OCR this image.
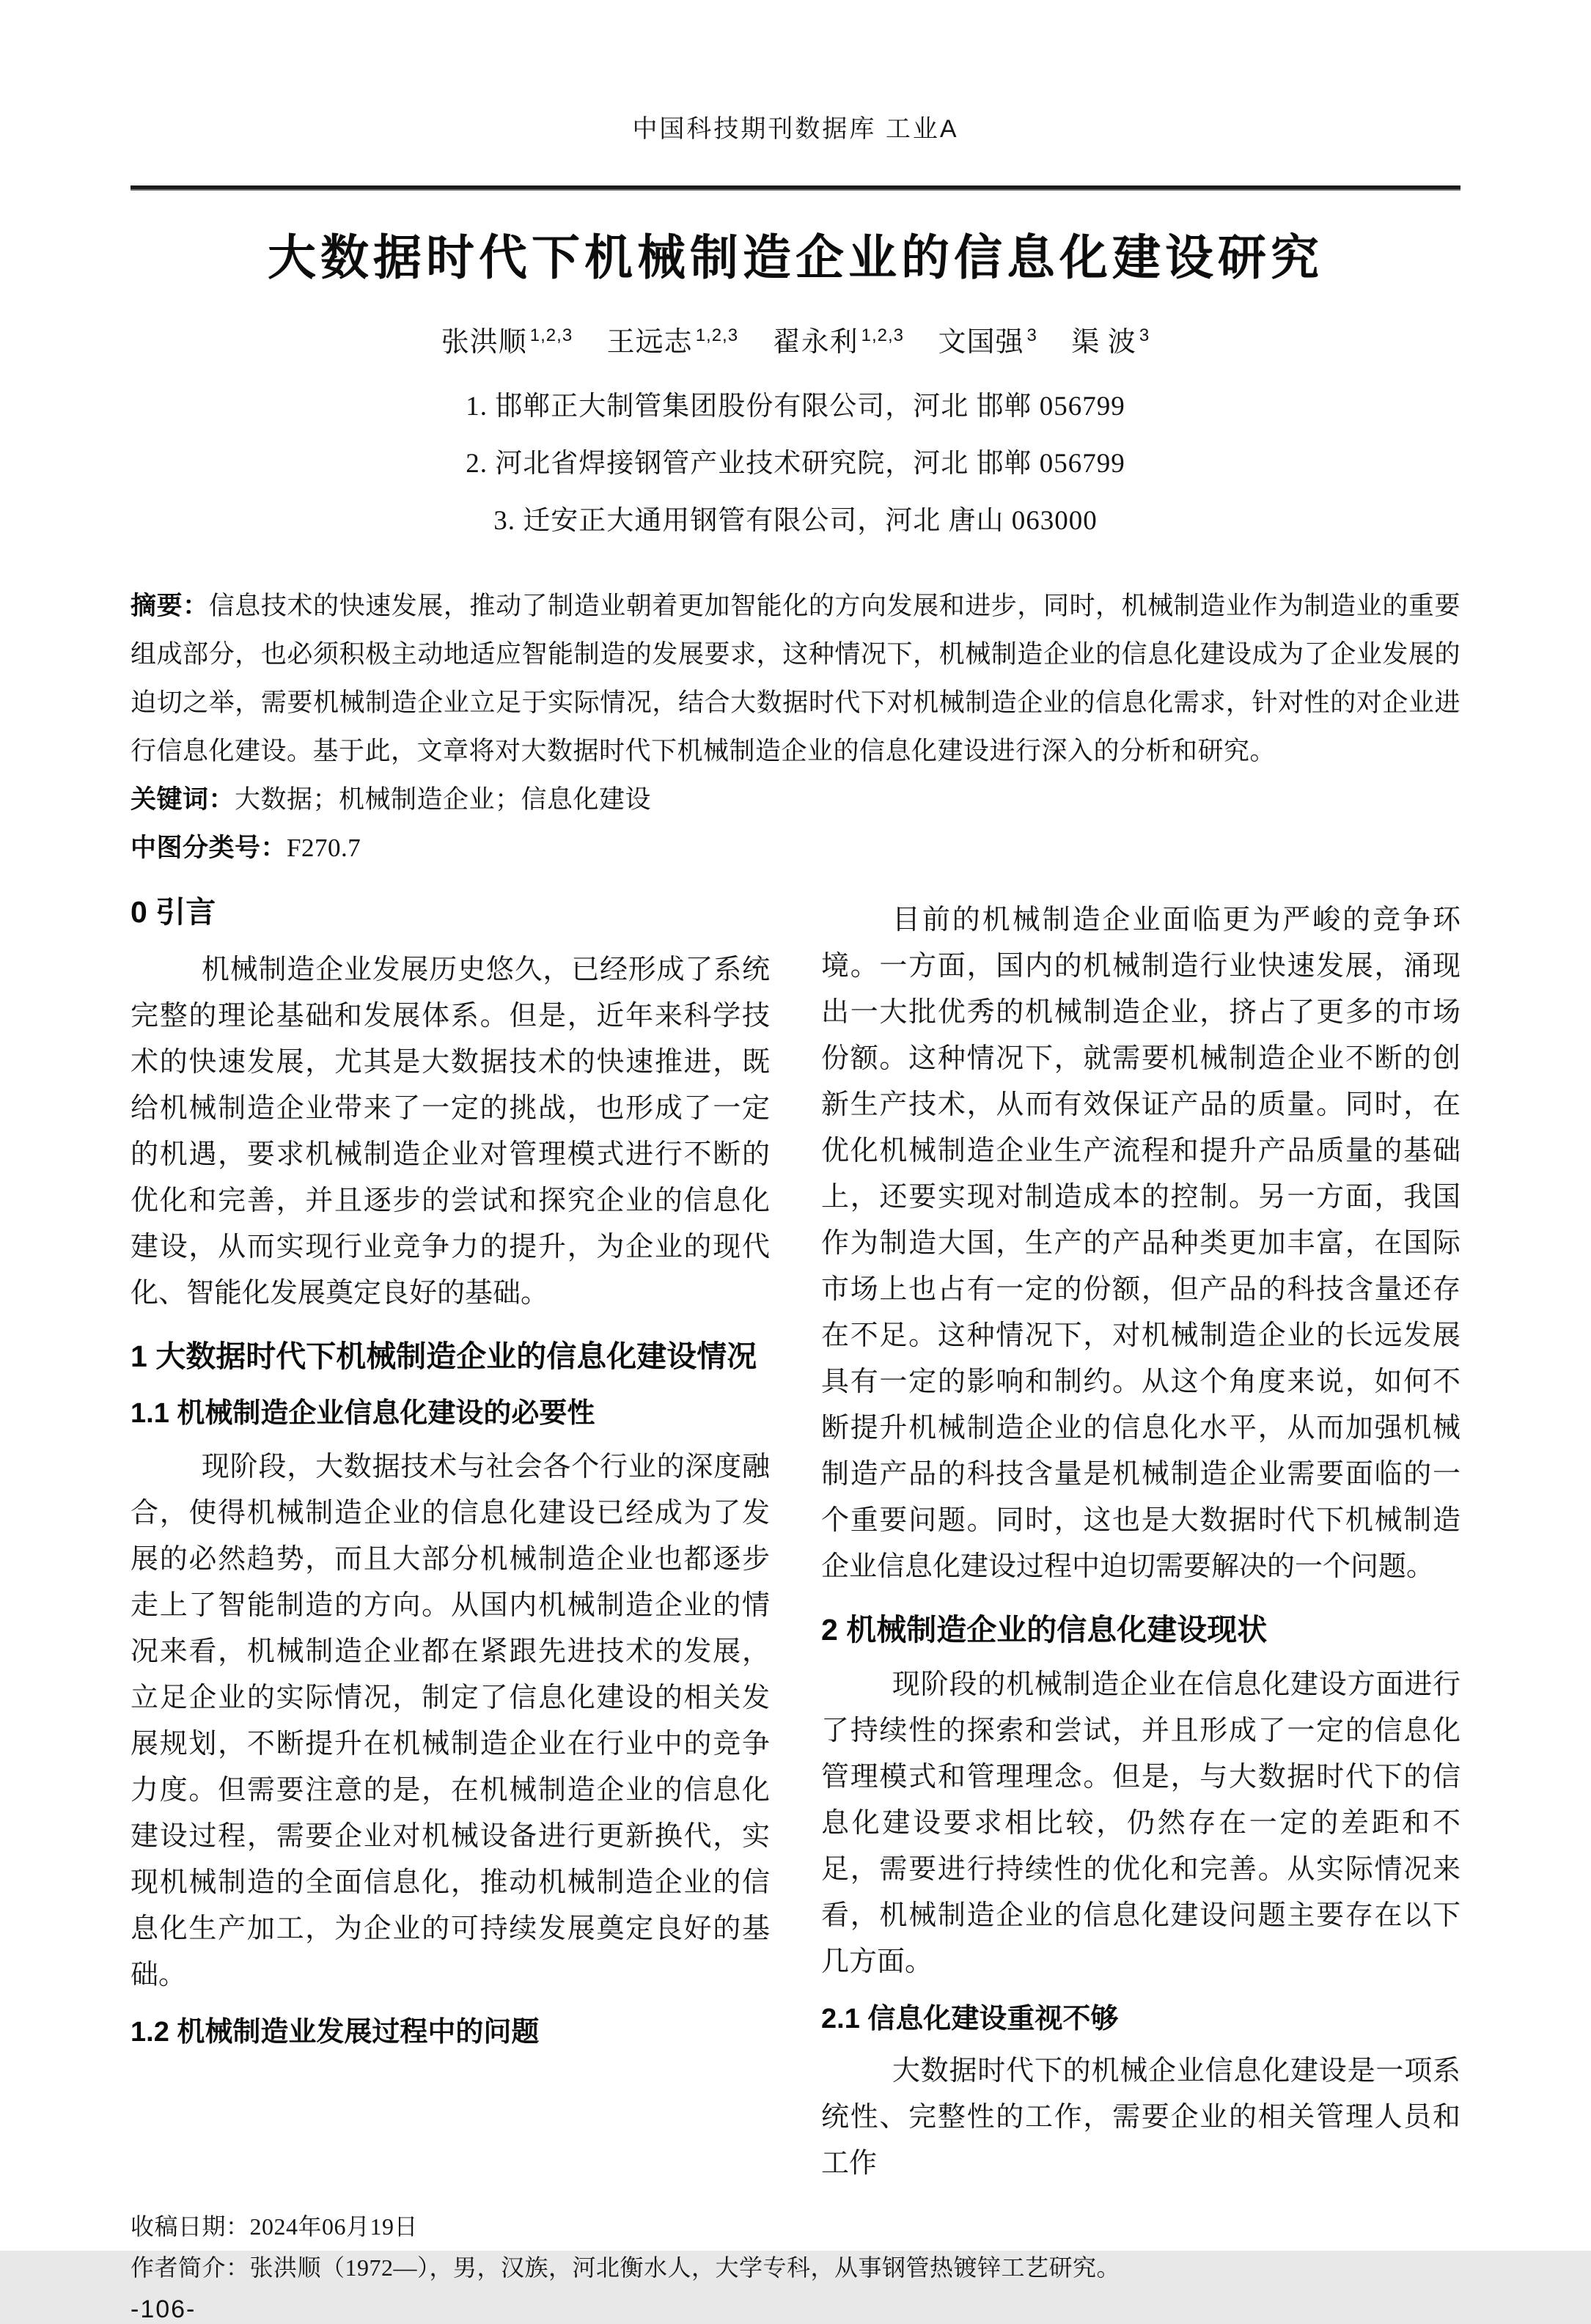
中国科技期刊数据库 工业A
大数据时代下机械制造企业的信息化建设研究
张洪顺 $^{1,2,3}$ 王远志 $^{1,2,3}$ 翟永利 $^{1,2,3}$ 文国强 $^3$ 渠 波 $^3$
1. 邯郸正大制管集团股份有限公司，河北 邯郸 056799
2. 河北省焊接钢管产业技术研究院，河北 邯郸 056799
3. 迁安正大通用钢管有限公司，河北 唐山 063000
摘要：信息技术的快速发展，推动了制造业朝着更加智能化的方向发展和进步，同时，机械制造业作为制造业的重要组成部分，也必须积极主动地适应智能制造的发展要求，这种情况下，机械制造企业的信息化建设成为了企业发展的迫切之举，需要机械制造企业立足于实际情况，结合大数据时代下对机械制造企业的信息化需求，针对性的对企业进行信息化建设。基于此，文章将对大数据时代下机械制造企业的信息化建设进行深入的分析和研究。
关键词：大数据；机械制造企业；信息化建设
中图分类号：F270.7
0 引言

机械制造企业发展历史悠久，已经形成了系统完整的理论基础和发展体系。但是，近年来科学技术的快速发展，尤其是大数据技术的快速推进，既给机械制造企业带来了一定的挑战，也形成了一定的机遇，要求机械制造企业对管理模式进行不断的优化和完善，并且逐步的尝试和探究企业的信息化建设，从而实现行业竞争力的提升，为企业的现代化、智能化发展奠定良好的基础。

1 大数据时代下机械制造企业的信息化建设情况
1.1 机械制造企业信息化建设的必要性

现阶段，大数据技术与社会各个行业的深度融合，使得机械制造企业的信息化建设已经成为了发展的必然趋势，而且大部分机械制造企业也都逐步走上了智能制造的方向。从国内机械制造企业的情况来看，机械制造企业都在紧跟先进技术的发展，立足企业的实际情况，制定了信息化建设的相关发展规划，不断提升在机械制造企业在行业中的竞争力度。但需要注意的是，在机械制造企业的信息化建设过程，需要企业对机械设备进行更新换代，实现机械制造的全面信息化，推动机械制造企业的信息化生产加工，为企业的可持续发展奠定良好的基础。

1.2 机械制造业发展过程中的问题

目前的机械制造企业面临更为严峻的竞争环境。一方面，国内的机械制造行业快速发展，涌现出一大批优秀的机械制造企业，挤占了更多的市场份额。这种情况下，就需要机械制造企业不断的创新生产技术，从而有效保证产品的质量。同时，在优化机械制造企业生产流程和提升产品质量的基础上，还要实现对制造成本的控制。另一方面，我国作为制造大国，生产的产品种类更加丰富，在国际市场上也占有一定的份额，但产品的科技含量还存在不足。这种情况下，对机械制造企业的长远发展具有一定的影响和制约。从这个角度来说，如何不断提升机械制造企业的信息化水平，从而加强机械制造产品的科技含量是机械制造企业需要面临的一个重要问题。同时，这也是大数据时代下机械制造企业信息化建设过程中迫切需要解决的一个问题。

2 机械制造企业的信息化建设现状

现阶段的机械制造企业在信息化建设方面进行了持续性的探索和尝试，并且形成了一定的信息化管理模式和管理理念。但是，与大数据时代下的信息化建设要求相比较，仍然存在一定的差距和不足，需要进行持续性的优化和完善。从实际情况来看，机械制造企业的信息化建设问题主要存在以下几方面。

2.1 信息化建设重视不够

大数据时代下的机械企业信息化建设是一项系统性、完整性的工作，需要企业的相关管理人员和工作

收稿日期：2024年06月19日
作者简介：张洪顺（1972—），男，汉族，河北衡水人，大学专科，从事钢管热镀锌工艺研究。
-106-
